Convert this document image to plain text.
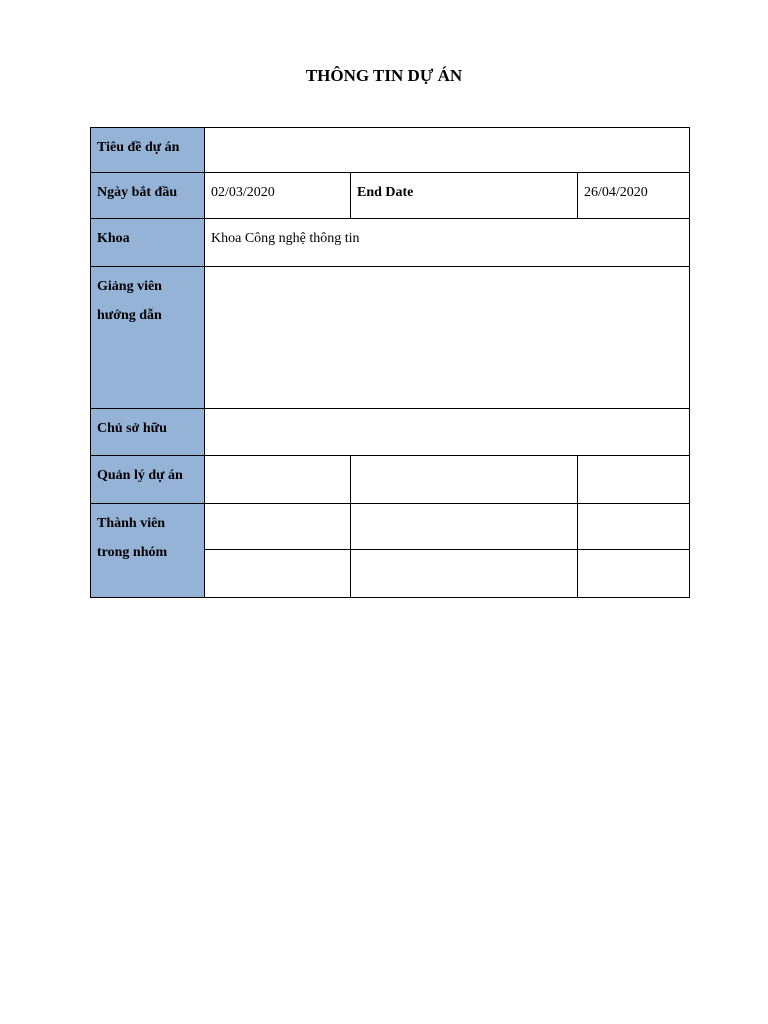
THÔNG TIN DỰ ÁN
Tiêu đề dự án			

Ngày bắt đầu	02/03/2020	End Date	26/04/2020

Khoa	Khoa Công nghệ thông tin		

Giảng viên
hướng dẫn			

Chủ sở hữu			

Quản lý dự án			

Thành viên
trong nhóm			
